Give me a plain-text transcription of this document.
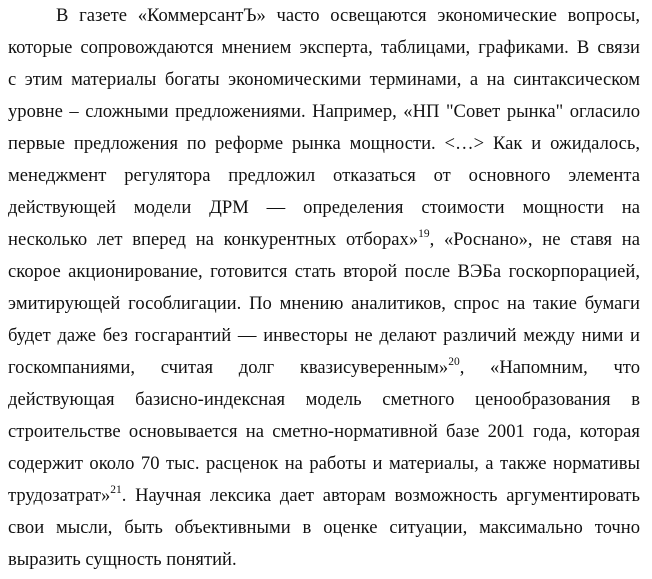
В газете «КоммерсантЪ» часто освещаются экономические вопросы,
которые сопровождаются мнением эксперта, таблицами, графиками. В связи
с этим материалы богаты экономическими терминами, а на синтаксическом
уровне – сложными предложениями. Например, «НП "Совет рынка" огласило
первые предложения по реформе рынка мощности. <…> Как и ожидалось,
менеджмент регулятора предложил отказаться от основного элемента
действующей модели ДРМ — определения стоимости мощности на
несколько лет вперед на конкурентных отборах»$^{19}$, «Роснано», не ставя на
скорое акционирование, готовится стать второй после ВЭБа госкорпорацией,
эмитирующей гособлигации. По мнению аналитиков, спрос на такие бумаги
будет даже без госгарантий — инвесторы не делают различий между ними и
госкомпаниями, считая долг квазисуверенным»$^{20}$, «Напомним, что
действующая базисно-индексная модель сметного ценообразования в
строительстве основывается на сметно-нормативной базе 2001 года, которая
содержит около 70 тыс. расценок на работы и материалы, а также нормативы
трудозатрат»$^{21}$. Научная лексика дает авторам возможность аргументировать
свои мысли, быть объективными в оценке ситуации, максимально точно
выразить сущность понятий.
